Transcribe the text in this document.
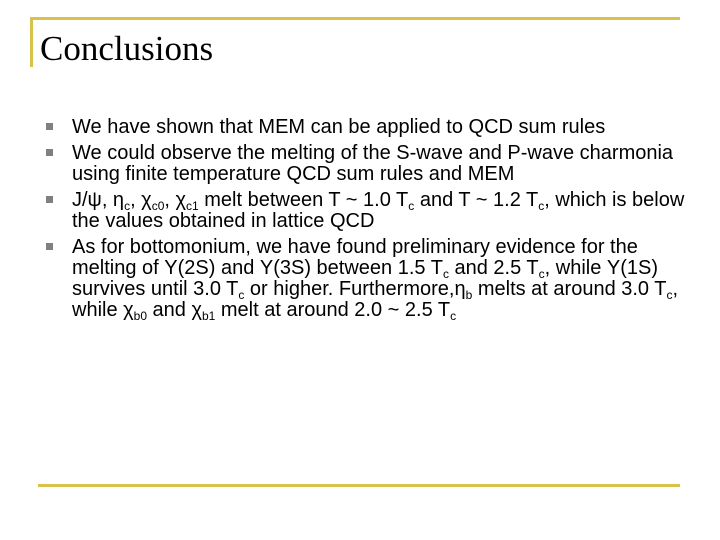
Conclusions
We have shown that MEM can be applied to QCD sum rules
We could observe the melting of the S-wave and P-wave charmonia using finite temperature QCD sum rules and MEM
J/ψ, $\eta_c$, $\chi_{c0}$, $\chi_{c1}$ melt between T ~ 1.0 $T_c$ and T ~ 1.2 $T_c$, which is below the values obtained in lattice QCD
As for bottomonium, we have found preliminary evidence for the melting of Υ(2S) and Υ(3S) between 1.5 $T_c$ and 2.5 $T_c$, while Υ(1S) survives until 3.0 $T_c$ or higher. $Furthermore,\eta_b$ melts at around 3.0 $T_c$, while $\chi_{b0}$ and $\chi_{b1}$ melt at around 2.0 ~ 2.5 $T_c$
